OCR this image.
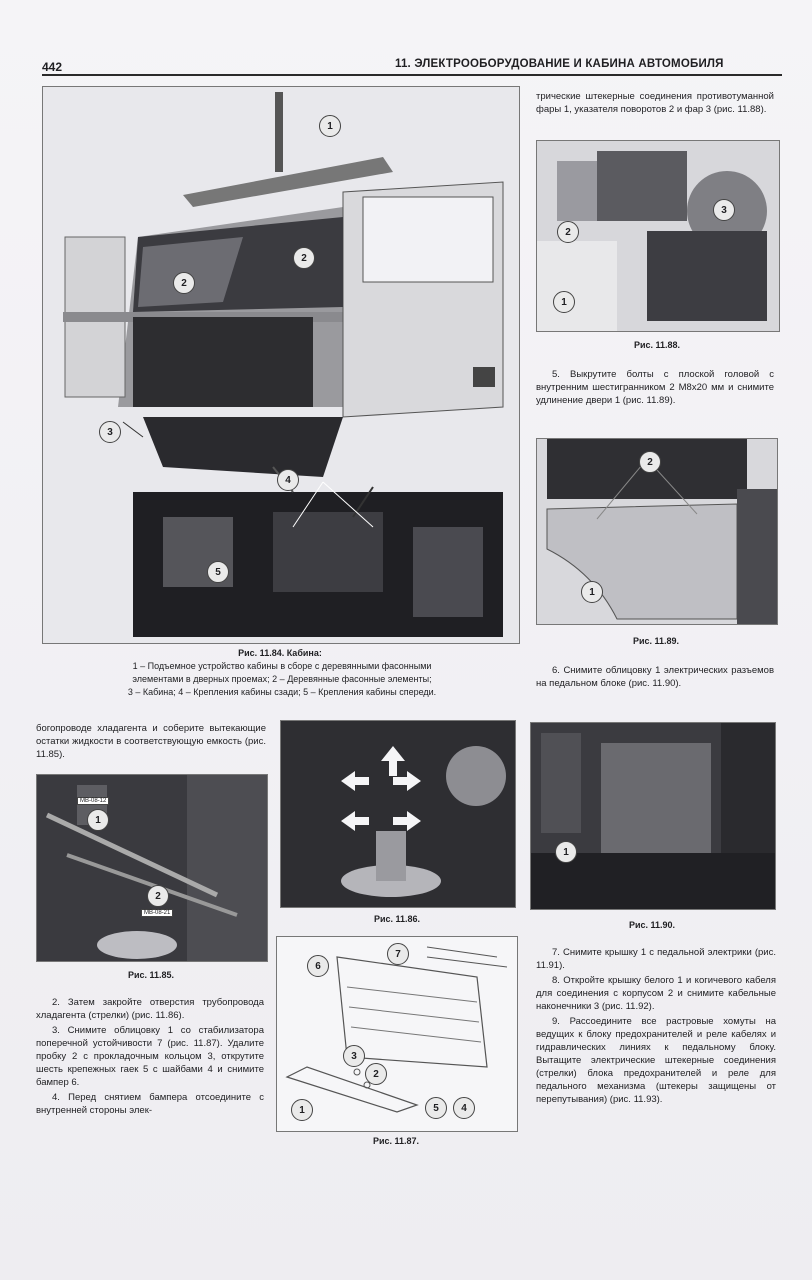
442	11. ЭЛЕКТРООБОРУДОВАНИЕ И КАБИНА АВТОМОБИЛЯ
1
2
2
3
4
5
Рис. 11.84. Кабина:
1 – Подъемное устройство кабины в сборе с деревянными фасонными
элементами в дверных проемах; 2 – Деревянные фасонные элементы;
3 – Кабина; 4 – Крепления кабины сзади; 5 – Крепления кабины спереди.

трические штекерные соединения противотуманной фары 1, указателя поворотов 2 и фар 3 (рис. 11.88).

1
2
3
Рис. 11.88.

5. Выкрутите болты с плоской головой с внутренним шестигранником 2 M8x20 мм и снимите удлинение двери 1 (рис. 11.89).

2
1
Рис. 11.89.

6. Снимите облицовку 1 электрических разъемов на педальном блоке (рис. 11.90).

1
Рис. 11.90.

богопроводе хладагента и соберите вытекающие остатки жидкости в соответствующую емкость (рис. 11.85).

MB-08-12
MB-08-21
1
2
Рис. 11.85.
Рис. 11.86.
1
2
3
4
5
6
7
Рис. 11.87.

2. Затем закройте отверстия трубопровода хладагента (стрелки) (рис. 11.86).

3. Снимите облицовку 1 со стабилизатора поперечной устойчивости 7 (рис. 11.87). Удалите пробку 2 с прокладочным кольцом 3, открутите шесть крепежных гаек 5 с шайбами 4 и снимите бампер 6.

4. Перед снятием бампера отсоедините с внутренней стороны элек-

7. Снимите крышку 1 с педальной электрики (рис. 11.91).

8. Откройте крышку белого 1 и когичевого кабеля для соединения с корпусом 2 и снимите кабельные наконечники 3 (рис. 11.92).

9. Рассоедините все растровые хомуты на ведущих к блоку предохранителей и реле кабелях и гидравлических линиях к педальному блоку. Вытащите электрические штекерные соединения (стрелки) блока предохранителей и реле для педального механизма (штекеры защищены от перепутывания) (рис. 11.93).
